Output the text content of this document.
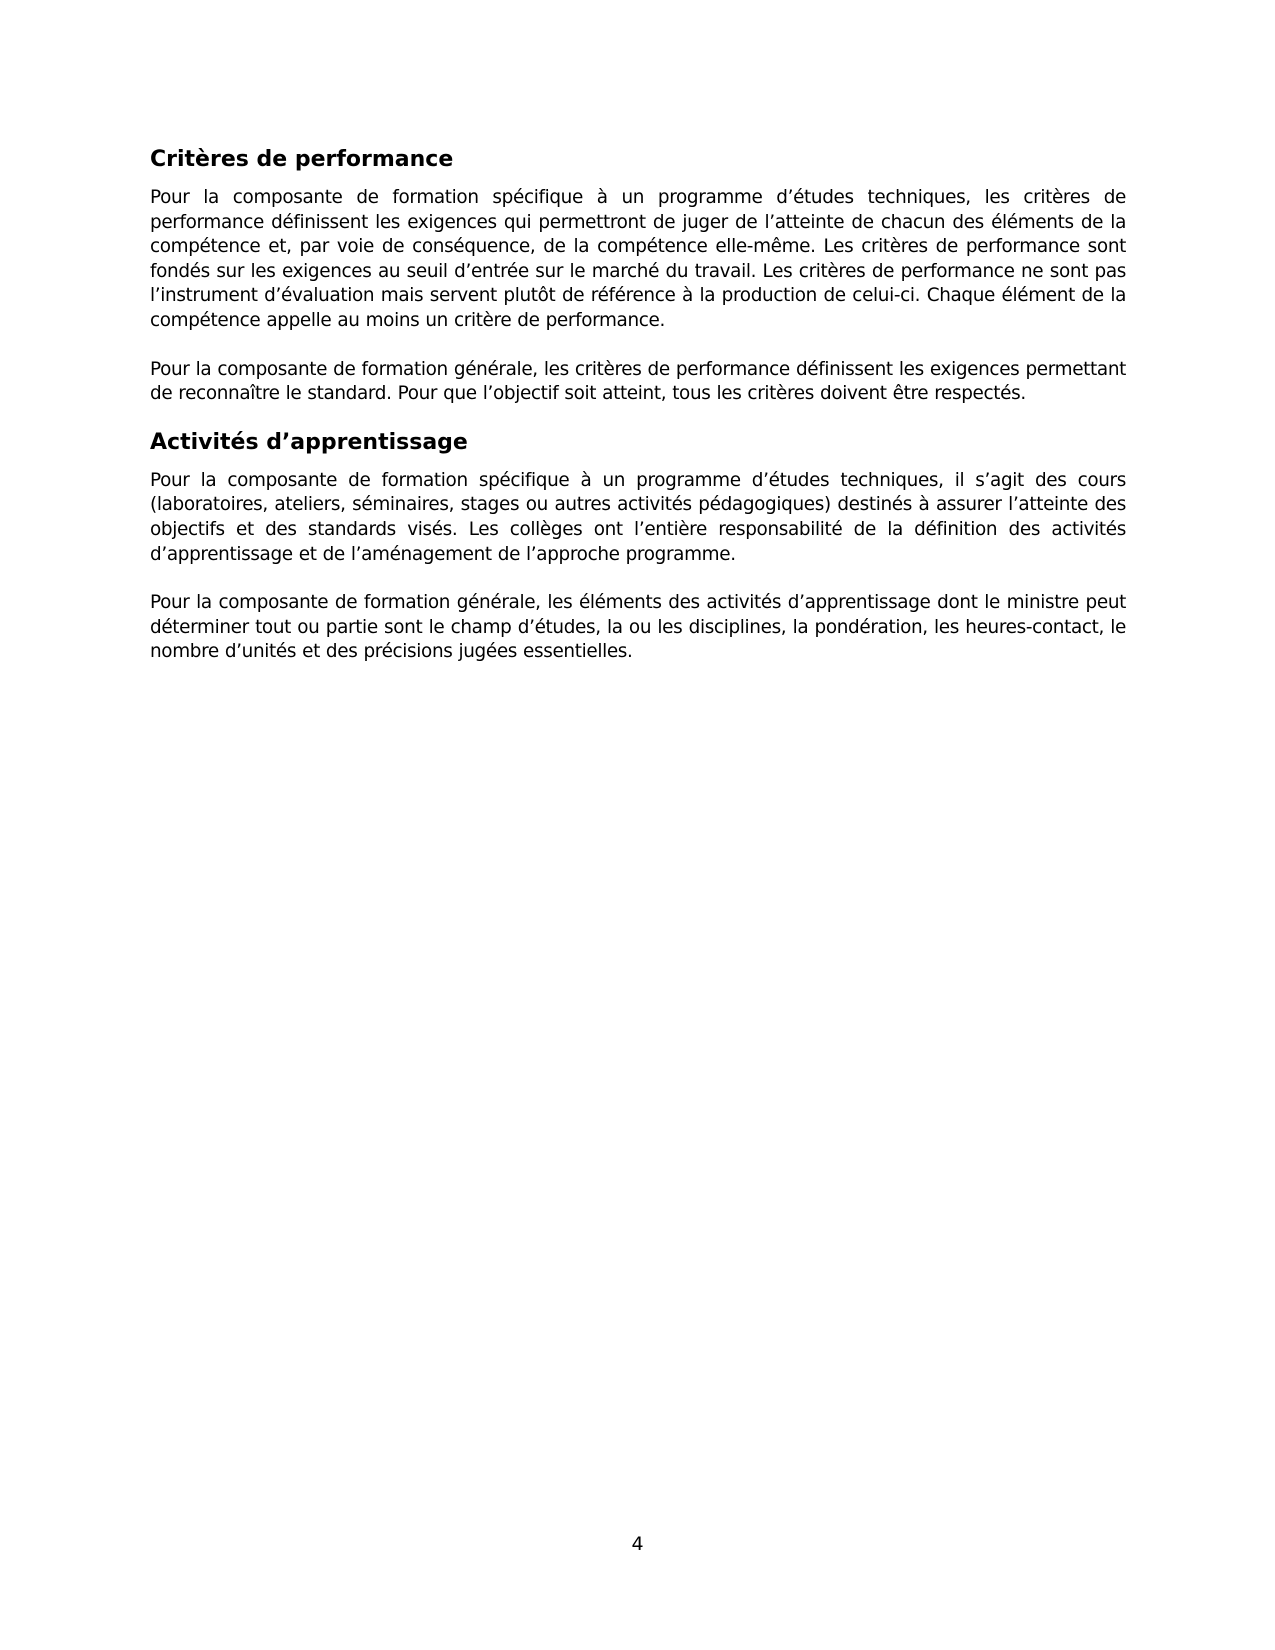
Critères de performance

Pour la composante de formation spécifique à un programme d’études techniques, les critères de performance définissent les exigences qui permettront de juger de l’atteinte de chacun des éléments de la compétence et, par voie de conséquence, de la compétence elle-même. Les critères de performance sont fondés sur les exigences au seuil d’entrée sur le marché du travail. Les critères de performance ne sont pas l’instrument d’évaluation mais servent plutôt de référence à la production de celui-ci. Chaque élément de la compétence appelle au moins un critère de performance.

Pour la composante de formation générale, les critères de performance définissent les exigences permettant de reconnaître le standard. Pour que l’objectif soit atteint, tous les critères doivent être respectés.

Activités d’apprentissage

Pour la composante de formation spécifique à un programme d’études techniques, il s’agit des cours (laboratoires, ateliers, séminaires, stages ou autres activités pédagogiques) destinés à assurer l’atteinte des objectifs et des standards visés. Les collèges ont l’entière responsabilité de la définition des activités d’apprentissage et de l’aménagement de l’approche programme.

Pour la composante de formation générale, les éléments des activités d’apprentissage dont le ministre peut déterminer tout ou partie sont le champ d’études, la ou les disciplines, la pondération, les heures-contact, le nombre d’unités et des précisions jugées essentielles.

4
